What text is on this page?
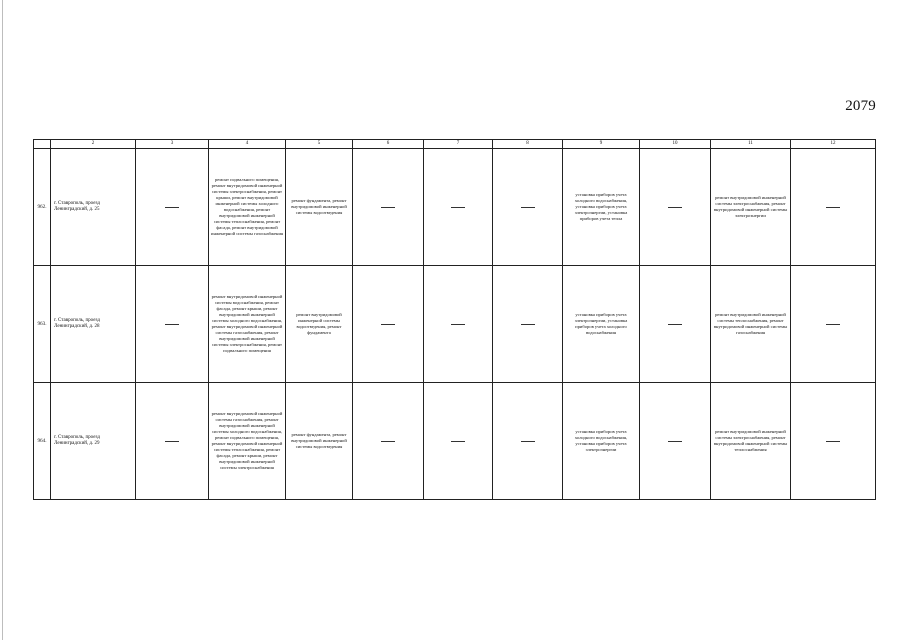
2079
	2	3	4	5	6	7	8	9	10	11	12
962.	г. Ставрополь, проезд Ленинградский, д. 25		ремонт подвального помещения, ремонт внутридомовой инженерной системы электроснабжения, ремонт крыши, ремонт внутридомовой инженерной системы холодного водоснабжения, ремонт внутридомовой инженерной системы теплоснабжения, ремонт фасада, ремонт внутридомовой инженерной системы газоснабжения	ремонт фундамента, ремонт внутридомовой инженерной системы водоотведения				установка приборов учета холодного водоснабжения, установка приборов учета электроэнергии, установка приборов учета тепла		ремонт внутридомовой инженерной системы электроснабжения, ремонт внутридомовой инженерной системы электроэнергии	
963.	г. Ставрополь, проезд Ленинградский, д. 28		ремонт внутридомовой инженерной системы водоснабжения, ремонт фасада, ремонт крыши, ремонт внутридомовой инженерной системы холодного водоснабжения, ремонт внутридомовой инженерной системы газоснабжения, ремонт внутридомовой инженерной системы электроснабжения, ремонт подвального помещения	ремонт внутридомовой инженерной системы водоотведения, ремонт фундамента				установка приборов учета электроэнергии, установка приборов учета холодного водоснабжения		ремонт внутридомовой инженерной системы теплоснабжения, ремонт внутридомовой инженерной системы газоснабжения	
964.	г. Ставрополь, проезд Ленинградский, д. 29		ремонт внутридомовой инженерной системы газоснабжения, ремонт внутридомовой инженерной системы холодного водоснабжения, ремонт подвального помещения, ремонт внутридомовой инженерной системы теплоснабжения, ремонт фасада, ремонт крыши, ремонт внутридомовой инженерной системы электроснабжения	ремонт фундамента, ремонт внутридомовой инженерной системы водоотведения				установка приборов учета холодного водоснабжения, установка приборов учета электроэнергии		ремонт внутридомовой инженерной системы электроснабжения, ремонт внутридомовой инженерной системы теплоснабжения	
